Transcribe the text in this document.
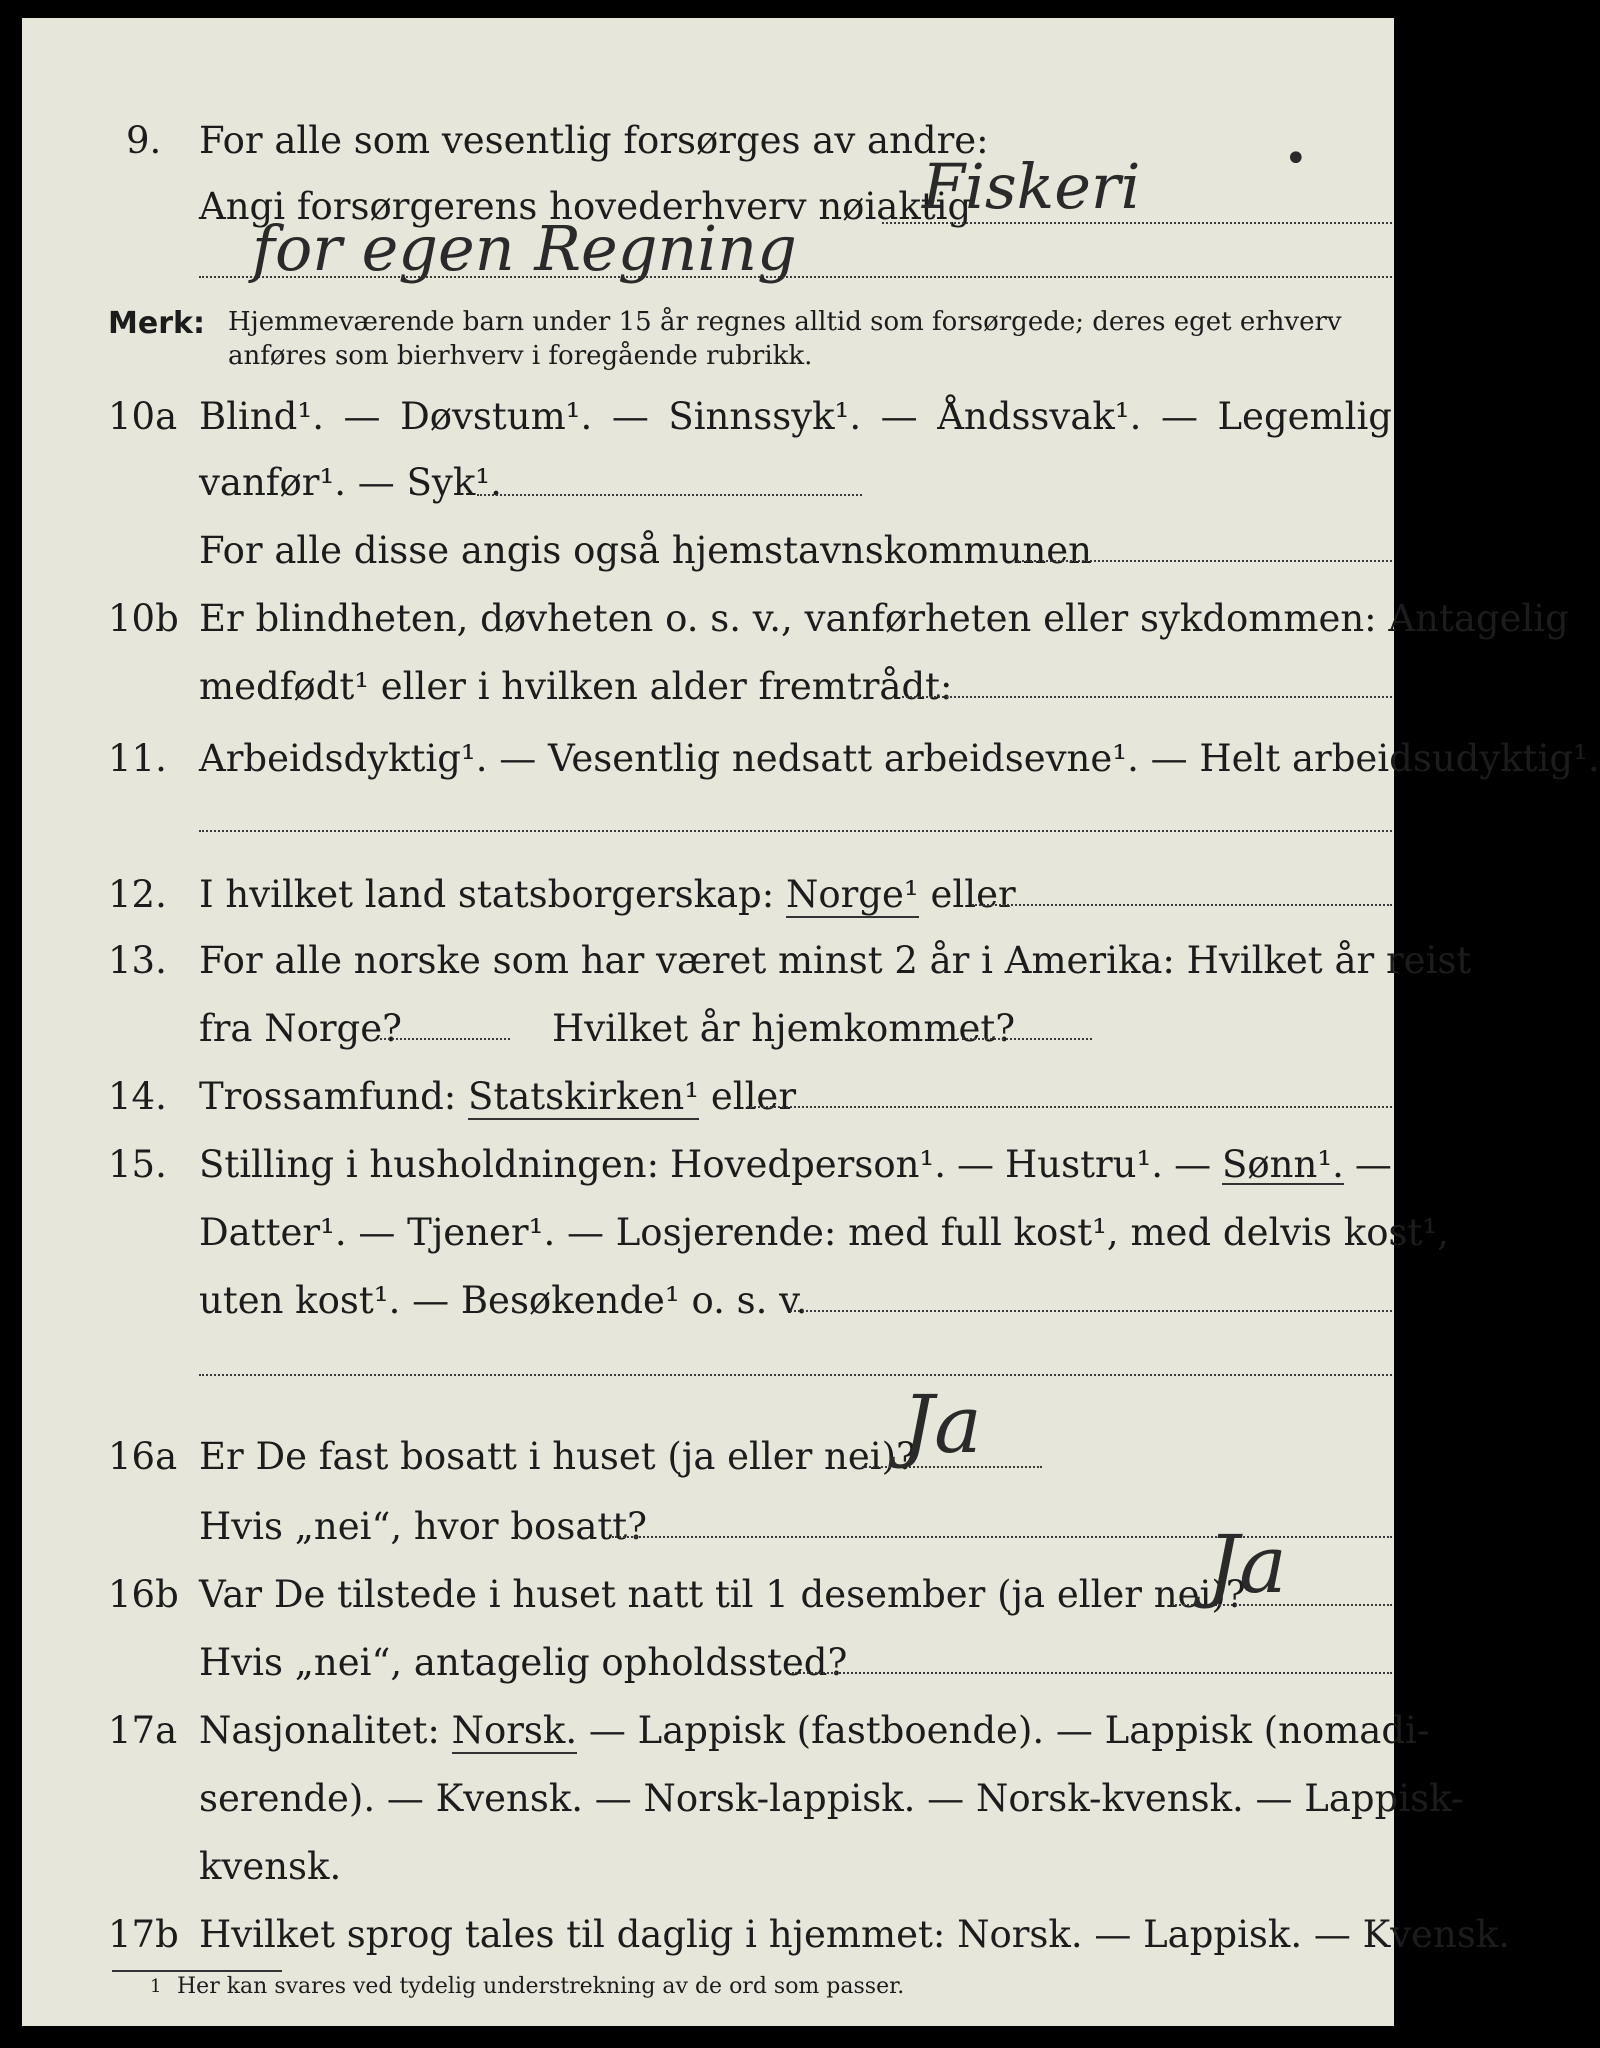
9. For alle som vesentlig forsørges av andre:
Angi forsørgerens hovederhverv nøiaktig
Fiskeri	•
for egen Regning
Merk: Hjemmeværende barn under 15 år regnes alltid som forsørgede; deres eget erhverv
anføres som bierhverv i foregående rubrikk.
10a Blind¹. — Døvstum¹. — Sinnssyk¹. — Åndssvak¹. — Legemlig
vanfør¹. — Syk¹.
For alle disse angis også hjemstavnskommunen
10b Er blindheten, døvheten o. s. v., vanførheten eller sykdommen: Antagelig
medfødt¹ eller i hvilken alder fremtrådt:
11. Arbeidsdyktig¹. — Vesentlig nedsatt arbeidsevne¹. — Helt arbeidsudyktig¹.
12. I hvilket land statsborgerskap: Norge¹ eller
13. For alle norske som har været minst 2 år i Amerika: Hvilket år reist
fra Norge?	Hvilket år hjemkommet?
14. Trossamfund: Statskirken¹ eller
15. Stilling i husholdningen: Hovedperson¹. — Hustru¹. — Sønn¹. —
Datter¹. — Tjener¹. — Losjerende: med full kost¹, med delvis kost¹,
uten kost¹. — Besøkende¹ o. s. v.
16a Er De fast bosatt i huset (ja eller nei)?
Ja
Hvis „nei“, hvor bosatt?
16b Var De tilstede i huset natt til 1 desember (ja eller nei)?
Ja
Hvis „nei“, antagelig opholdssted?
17a Nasjonalitet: Norsk. — Lappisk (fastboende). — Lappisk (nomadi-
serende). — Kvensk. — Norsk-lappisk. — Norsk-kvensk. — Lappisk-
kvensk.
17b Hvilket sprog tales til daglig i hjemmet: Norsk. — Lappisk. — Kvensk.
1 Her kan svares ved tydelig understrekning av de ord som passer.
